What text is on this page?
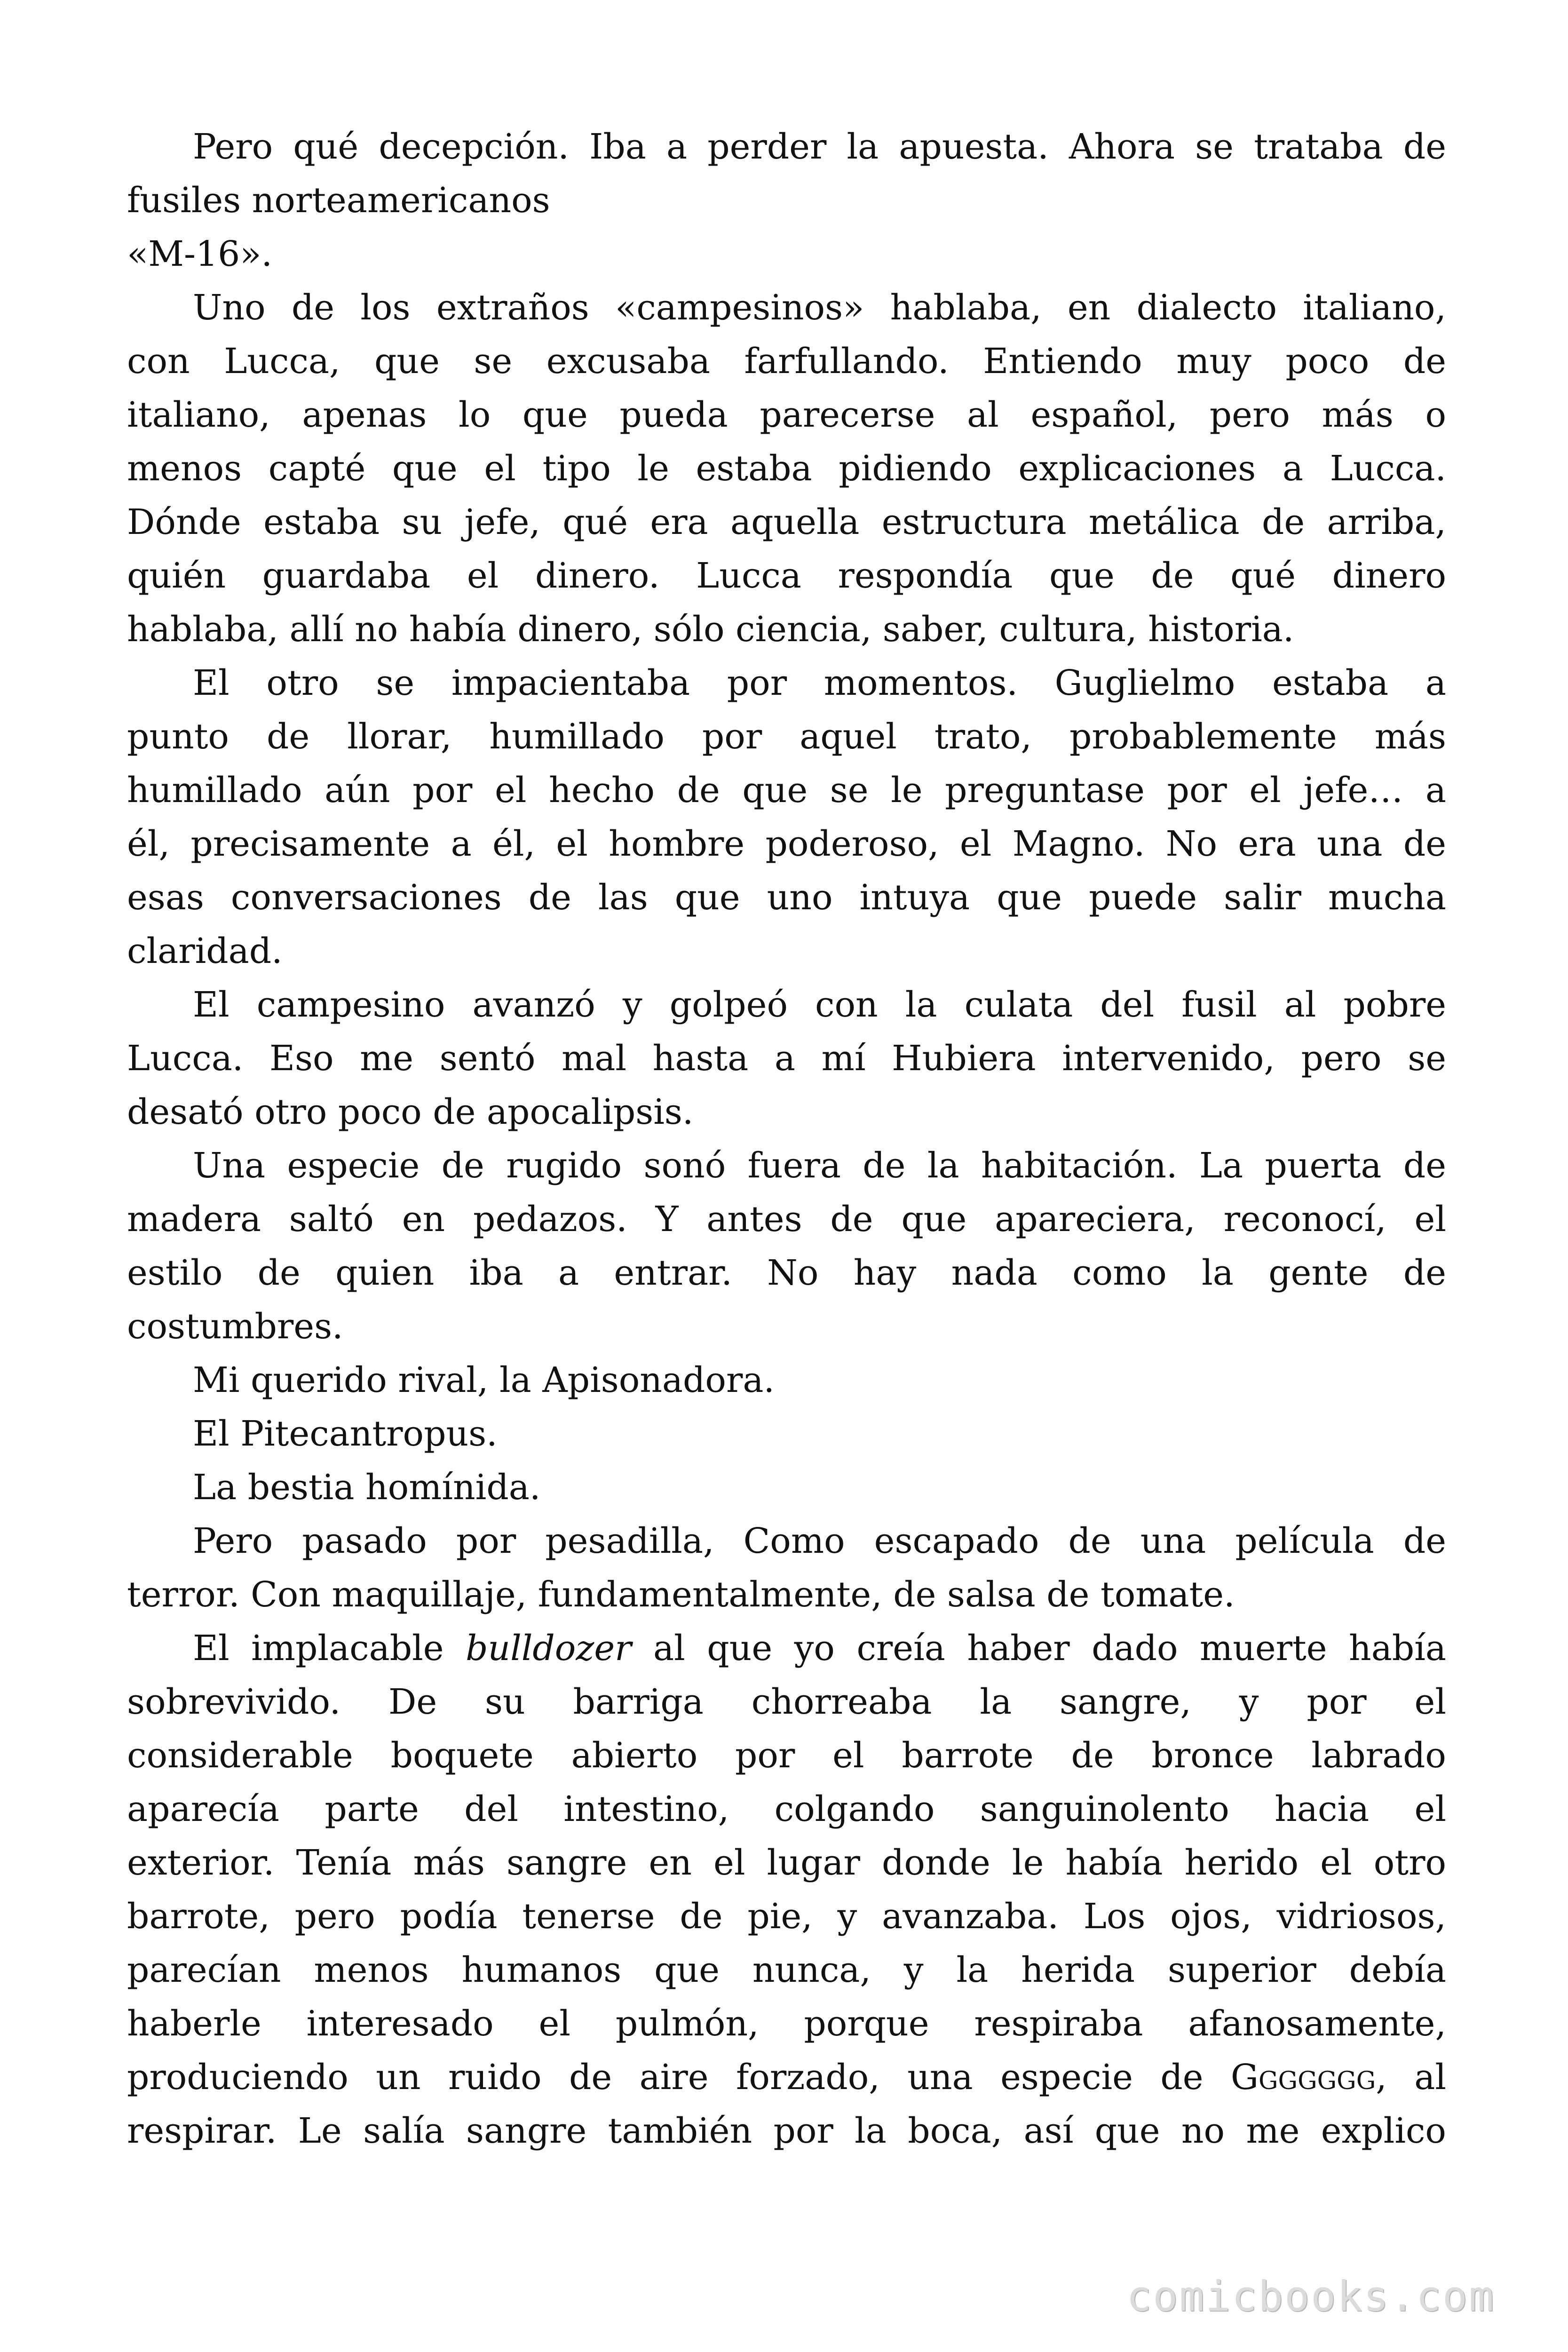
Pero qué decepción. Iba a perder la apuesta. Ahora se trataba de
fusiles norteamericanos
«M-16».
Uno de los extraños «campesinos» hablaba, en dialecto italiano,
con Lucca, que se excusaba farfullando. Entiendo muy poco de
italiano, apenas lo que pueda parecerse al español, pero más o
menos capté que el tipo le estaba pidiendo explicaciones a Lucca.
Dónde estaba su jefe, qué era aquella estructura metálica de arriba,
quién guardaba el dinero. Lucca respondía que de qué dinero
hablaba, allí no había dinero, sólo ciencia, saber, cultura, historia.
El otro se impacientaba por momentos. Guglielmo estaba a
punto de llorar, humillado por aquel trato, probablemente más
humillado aún por el hecho de que se le preguntase por el jefe… a
él, precisamente a él, el hombre poderoso, el Magno. No era una de
esas conversaciones de las que uno intuya que puede salir mucha
claridad.
El campesino avanzó y golpeó con la culata del fusil al pobre
Lucca. Eso me sentó mal hasta a mí Hubiera intervenido, pero se
desató otro poco de apocalipsis.
Una especie de rugido sonó fuera de la habitación. La puerta de
madera saltó en pedazos. Y antes de que apareciera, reconocí, el
estilo de quien iba a entrar. No hay nada como la gente de
costumbres.
Mi querido rival, la Apisonadora.
El Pitecantropus.
La bestia homínida.
Pero pasado por pesadilla, Como escapado de una película de
terror. Con maquillaje, fundamentalmente, de salsa de tomate.
El implacable bulldozer al que yo creía haber dado muerte había
sobrevivido. De su barriga chorreaba la sangre, y por el
considerable boquete abierto por el barrote de bronce labrado
aparecía parte del intestino, colgando sanguinolento hacia el
exterior. Tenía más sangre en el lugar donde le había herido el otro
barrote, pero podía tenerse de pie, y avanzaba. Los ojos, vidriosos,
parecían menos humanos que nunca, y la herida superior debía
haberle interesado el pulmón, porque respiraba afanosamente,
produciendo un ruido de aire forzado, una especie de Ggggggg, al
respirar. Le salía sangre también por la boca, así que no me explico
comicbooks.com
